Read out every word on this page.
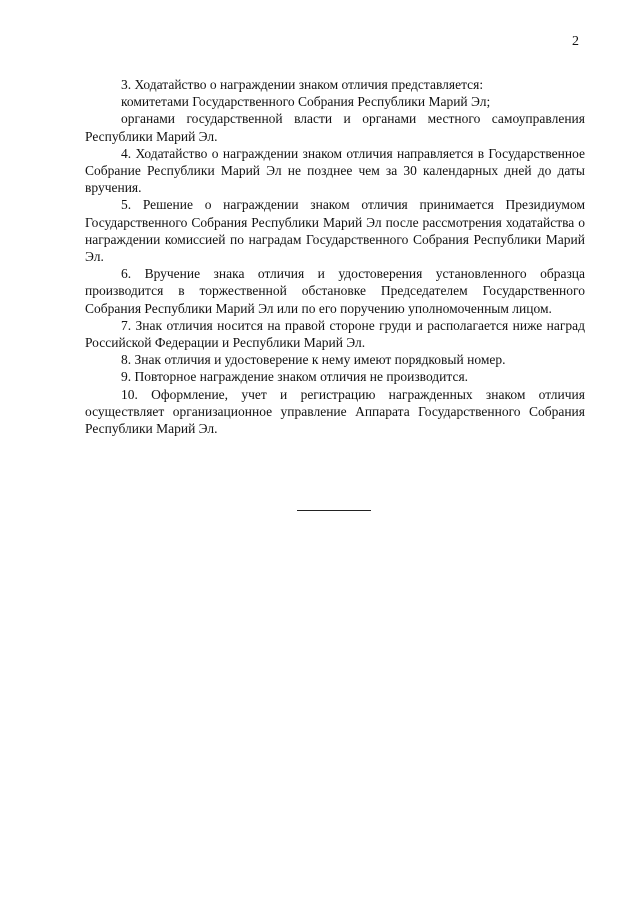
2

3. Ходатайство о награждении знаком отличия представляется:

комитетами Государственного Собрания Республики Марий Эл;

органами государственной власти и органами местного самоуправления Республики Марий Эл.

4. Ходатайство о награждении знаком отличия направляется в Государственное Собрание Республики Марий Эл не позднее чем за 30 календарных дней до даты вручения.

5. Решение о награждении знаком отличия принимается Президиумом Государственного Собрания Республики Марий Эл после рассмотрения ходатайства о награждении комиссией по наградам Государственного Собрания Республики Марий Эл.

6. Вручение знака отличия и удостоверения установленного образца производится в торжественной обстановке Председателем Государственного Собрания Республики Марий Эл или по его поручению уполномоченным лицом.

7. Знак отличия носится на правой стороне груди и располагается ниже наград Российской Федерации и Республики Марий Эл.

8. Знак отличия и удостоверение к нему имеют порядковый номер.

9. Повторное награждение знаком отличия не производится.

10. Оформление, учет и регистрацию награжденных знаком отличия осуществляет организационное управление Аппарата Государственного Собрания Республики Марий Эл.
